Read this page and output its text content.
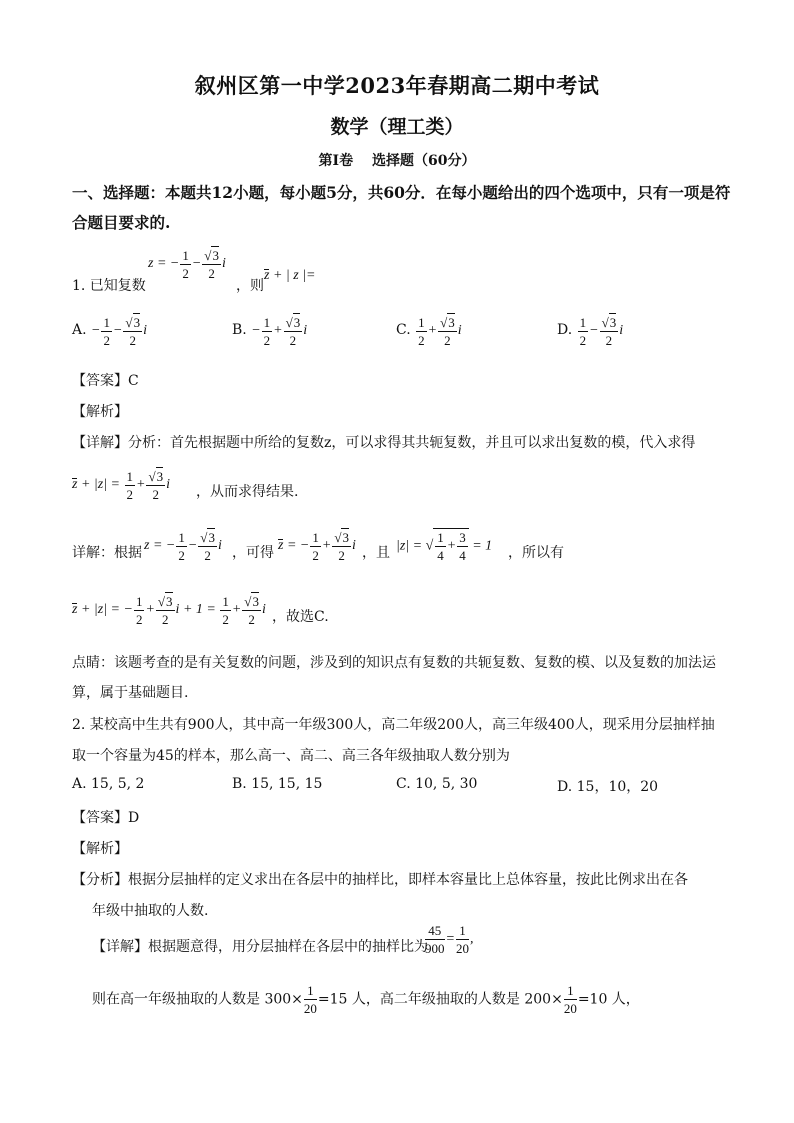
叙州区第一中学2023年春期高二期中考试
数学（理工类）
第Ⅰ卷　 选择题（60分）
一、选择题：本题共12小题，每小题5分，共60分．在每小题给出的四个选项中，只有一项是符合题目要求的.
1. 已知复数
z = − $\frac{1}{2} - \frac{√3}{2}$ i
，则
z + | z |=
A. − $\frac{1}{2} - \frac{√3}{2}$ i	B. − $\frac{1}{2} + \frac{√3}{2}$ i	C. $\frac{1}{2} + \frac{√3}{2}$ i	D. $\frac{1}{2} - \frac{√3}{2}$ i
【答案】C
【解析】
【详解】分析：首先根据题中所给的复数z，可以求得其共轭复数，并且可以求出复数的模，代入求得
$z + |z| = \frac{1}{2} + \frac{√3}{2}$ i ，从而求得结果.
详解：根据 z = − $\frac{1}{2} - \frac{√3}{2}$ i ，可得 z = − $\frac{1}{2} + \frac{√3}{2}$ i ，且 |z| = √ $\frac{1}{4} + \frac{3}{4} = 1$ ，所以有
z + |z| = − $\frac{1}{2} + \frac{√3}{2}$ $i + 1 = \frac{1}{2} + \frac{√3}{2}$ i ，故选C.
点睛：该题考查的是有关复数的问题，涉及到的知识点有复数的共轭复数、复数的模、以及复数的加法运
算，属于基础题目.
2. 某校高中生共有900人，其中高一年级300人，高二年级200人，高三年级400人，现采用分层抽样抽
取一个容量为45的样本，那么高一、高二、高三各年级抽取人数分别为
A. 15, 5, 2	B. 15, 15, 15	C. 10, 5, 30	D. 15，10，20
【答案】D
【解析】
【分析】根据分层抽样的定义求出在各层中的抽样比，即样本容量比上总体容量，按此比例求出在各
年级中抽取的人数.
【详解】根据题意得，用分层抽样在各层中的抽样比为
$\frac{45}{900} = \frac{1}{20}$ ,
则在高一年级抽取的人数是 $300\times \frac{1}{20} =15$ 人，高二年级抽取的人数是 $200\times \frac{1}{20} =10$ 人，
